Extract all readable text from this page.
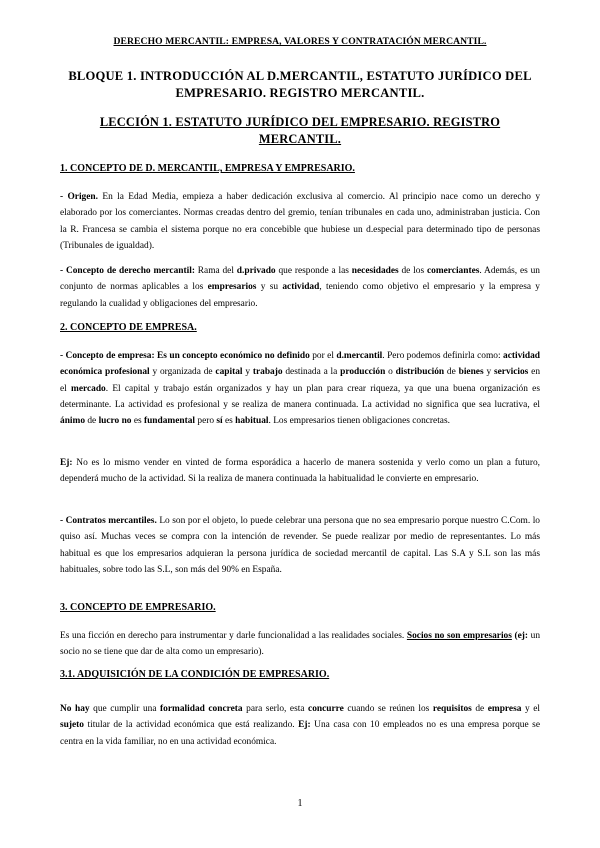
DERECHO MERCANTIL: EMPRESA, VALORES Y CONTRATACIÓN MERCANTIL.

BLOQUE 1. INTRODUCCIÓN AL D.MERCANTIL, ESTATUTO JURÍDICO DEL EMPRESARIO. REGISTRO MERCANTIL.

LECCIÓN 1. ESTATUTO JURÍDICO DEL EMPRESARIO. REGISTRO MERCANTIL.

1. CONCEPTO DE D. MERCANTIL, EMPRESA Y EMPRESARIO.

- Origen. En la Edad Media, empieza a haber dedicación exclusiva al comercio. Al principio nace como un derecho y elaborado por los comerciantes. Normas creadas dentro del gremio, tenían tribunales en cada uno, administraban justicia. Con la R. Francesa se cambia el sistema porque no era concebible que hubiese un d.especial para determinado tipo de personas (Tribunales de igualdad).

- Concepto de derecho mercantil: Rama del d.privado que responde a las necesidades de los comerciantes. Además, es un conjunto de normas aplicables a los empresarios y su actividad, teniendo como objetivo el empresario y la empresa y regulando la cualidad y obligaciones del empresario.

2. CONCEPTO DE EMPRESA.

- Concepto de empresa: Es un concepto económico no definido por el d.mercantil. Pero podemos definirla como: actividad económica profesional y organizada de capital y trabajo destinada a la producción o distribución de bienes y servicios en el mercado. El capital y trabajo están organizados y hay un plan para crear riqueza, ya que una buena organización es determinante. La actividad es profesional y se realiza de manera continuada. La actividad no significa que sea lucrativa, el ánimo de lucro no es fundamental pero sí es habitual. Los empresarios tienen obligaciones concretas.

Ej: No es lo mismo vender en vinted de forma esporádica a hacerlo de manera sostenida y verlo como un plan a futuro, dependerá mucho de la actividad. Si la realiza de manera continuada la habitualidad le convierte en empresario.

- Contratos mercantiles. Lo son por el objeto, lo puede celebrar una persona que no sea empresario porque nuestro C.Com. lo quiso así. Muchas veces se compra con la intención de revender. Se puede realizar por medio de representantes. Lo más habitual es que los empresarios adquieran la persona jurídica de sociedad mercantil de capital. Las S.A y S.L son las más habituales, sobre todo las S.L, son más del 90% en España.

3. CONCEPTO DE EMPRESARIO.

Es una ficción en derecho para instrumentar y darle funcionalidad a las realidades sociales. Socios no son empresarios (ej: un socio no se tiene que dar de alta como un empresario).

3.1. ADQUISICIÓN DE LA CONDICIÓN DE EMPRESARIO.

No hay que cumplir una formalidad concreta para serlo, esta concurre cuando se reúnen los requisitos de empresa y el sujeto titular de la actividad económica que está realizando. Ej: Una casa con 10 empleados no es una empresa porque se centra en la vida familiar, no en una actividad económica.

1
